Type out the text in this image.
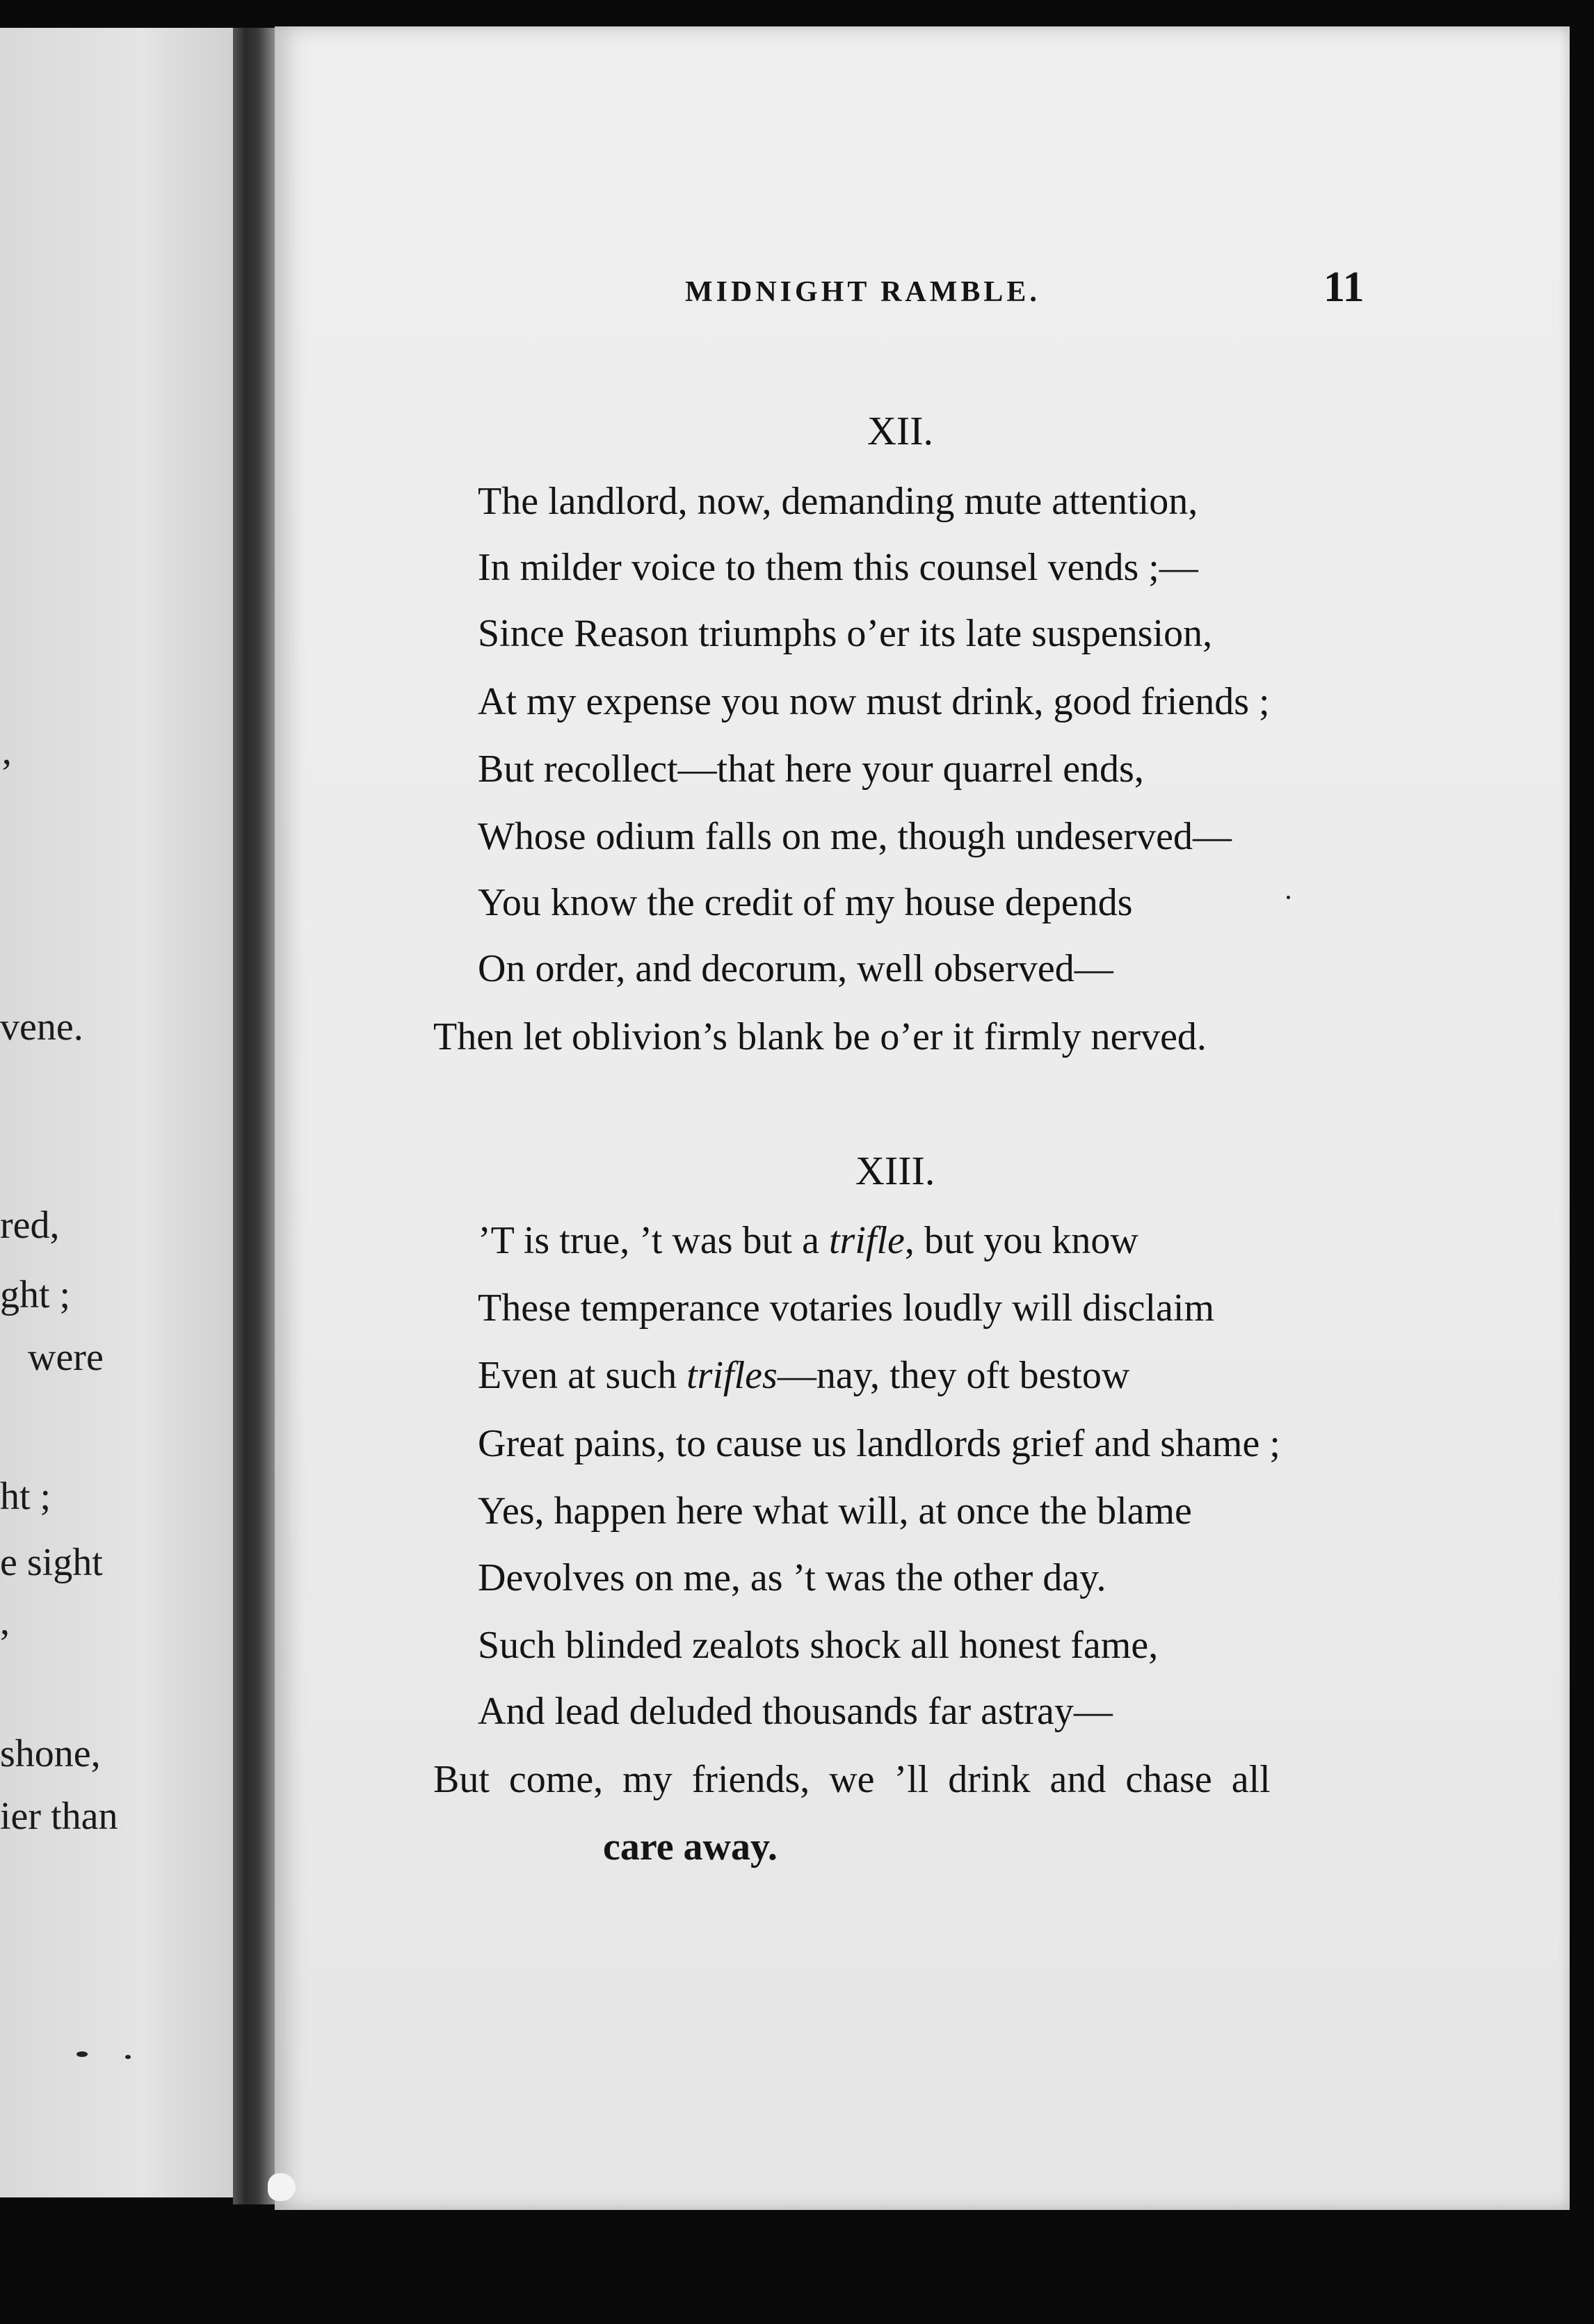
’
vene.
red,
ght ;
were
ht ;
e sight
,
shone,
ier than
MIDNIGHT RAMBLE.	11
XII.
The landlord, now, demanding mute attention,
In milder voice to them this counsel vends ;—
Since Reason triumphs o’er its late suspension,
At my expense you now must drink, good friends ;
But recollect—that here your quarrel ends,
Whose odium falls on me, though undeserved—
You know the credit of my house depends
On order, and decorum, well observed—
Then let oblivion’s blank be o’er it firmly nerved.
XIII.
’T is true, ’t was but a trifle, but you know
These temperance votaries loudly will disclaim
Even at such trifles—nay, they oft bestow
Great pains, to cause us landlords grief and shame ;
Yes, happen here what will, at once the blame
Devolves on me, as ’t was the other day.
Such blinded zealots shock all honest fame,
And lead deluded thousands far astray—
But come, my friends, we ’ll drink and chase all
care away.
